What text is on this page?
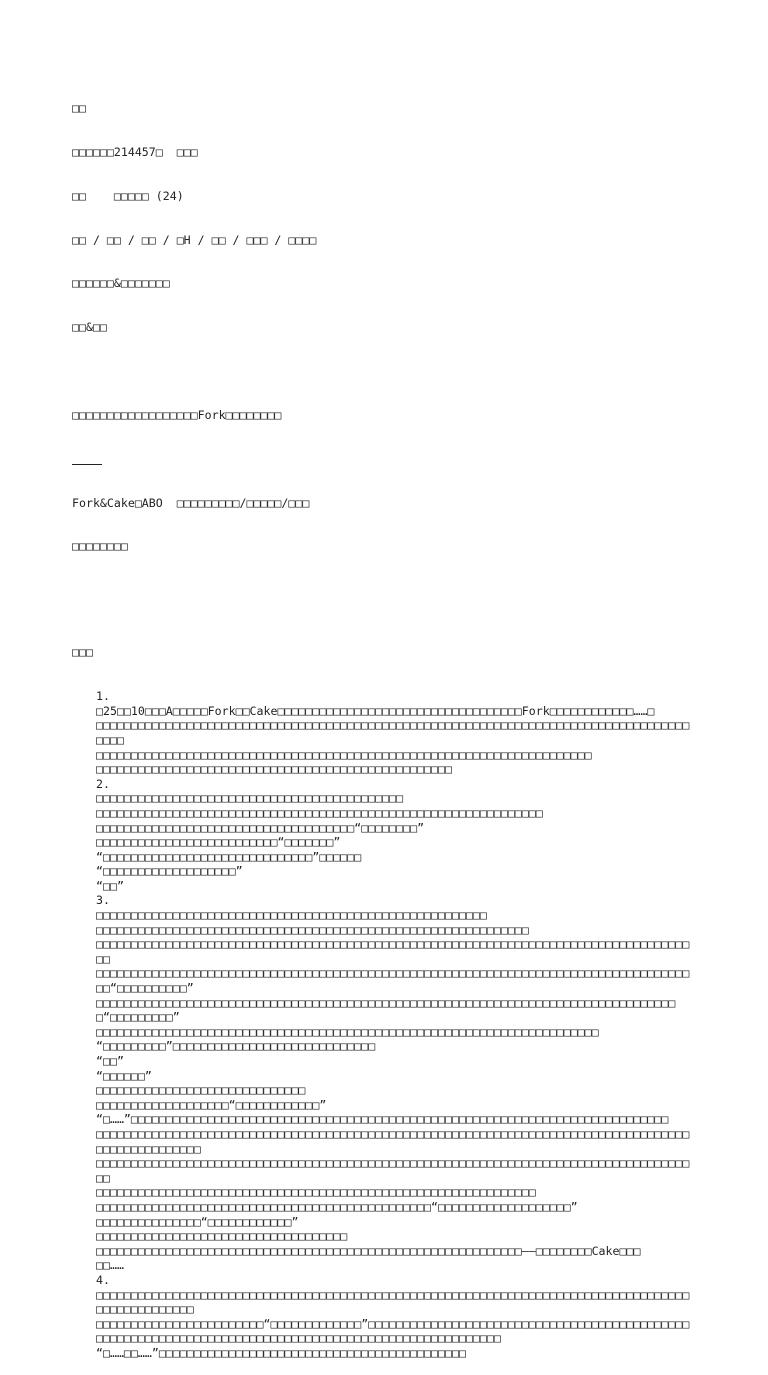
□□

□□□□□□214457□  □□□

□□    □□□□□ (24)

□□ / □□ / □□ / □H / □□ / □□□ / □□□□

□□□□□□&□□□□□□□

□□&□□

□□□□□□□□□□□□□□□□□□Fork□□□□□□□□

Fork&Cake□ABO  □□□□□□□□□/□□□□□/□□□

□□□□□□□□

□□□

1.
□25□□10□□□A□□□□□Fork□□Cake□□□□□□□□□□□□□□□□□□□□□□□□□□□□□□□□□□□Fork□□□□□□□□□□□□……□
□□□□□□□□□□□□□□□□□□□□□□□□□□□□□□□□□□□□□□□□□□□□□□□□□□□□□□□□□□□□□□□□□□□□□□□□□□□□□□□□□□□□□□□□□
□□□□□□□□□□□□□□□□□□□□□□□□□□□□□□□□□□□□□□□□□□□□□□□□□□□□□□□□□□□□□□□□□□□□□□□
□□□□□□□□□□□□□□□□□□□□□□□□□□□□□□□□□□□□□□□□□□□□□□□□□□□
2.
□□□□□□□□□□□□□□□□□□□□□□□□□□□□□□□□□□□□□□□□□□□□
□□□□□□□□□□□□□□□□□□□□□□□□□□□□□□□□□□□□□□□□□□□□□□□□□□□□□□□□□□□□□□□□
□□□□□□□□□□□□□□□□□□□□□□□□□□□□□□□□□□□□□“□□□□□□□□”
□□□□□□□□□□□□□□□□□□□□□□□□□□“□□□□□□□”
“□□□□□□□□□□□□□□□□□□□□□□□□□□□□□□”□□□□□□
“□□□□□□□□□□□□□□□□□□□”
“□□”
3.
□□□□□□□□□□□□□□□□□□□□□□□□□□□□□□□□□□□□□□□□□□□□□□□□□□□□□□□□
□□□□□□□□□□□□□□□□□□□□□□□□□□□□□□□□□□□□□□□□□□□□□□□□□□□□□□□□□□□□□□
□□□□□□□□□□□□□□□□□□□□□□□□□□□□□□□□□□□□□□□□□□□□□□□□□□□□□□□□□□□□□□□□□□□□□□□□□□□□□□□□□□□□□□□
□□□□□□□□□□□□□□□□□□□□□□□□□□□□□□□□□□□□□□□□□□□□□□□□□□□□□□□□□□□□□□□□□□□□□□□□□□□□□□□□□□□□□□□“□□□□□□□□□□”
□□□□□□□□□□□□□□□□□□□□□□□□□□□□□□□□□□□□□□□□□□□□□□□□□□□□□□□□□□□□□□□□□□□□□□□□□□□□□□□□□□□□“□□□□□□□□□”
□□□□□□□□□□□□□□□□□□□□□□□□□□□□□□□□□□□□□□□□□□□□□□□□□□□□□□□□□□□□□□□□□□□□□□□□
“□□□□□□□□□”□□□□□□□□□□□□□□□□□□□□□□□□□□□□□
“□□”
“□□□□□□”
□□□□□□□□□□□□□□□□□□□□□□□□□□□□□□
□□□□□□□□□□□□□□□□□□□“□□□□□□□□□□□□”
“□……”□□□□□□□□□□□□□□□□□□□□□□□□□□□□□□□□□□□□□□□□□□□□□□□□□□□□□□□□□□□□□□□□□□□□□□□□□□□□□
□□□□□□□□□□□□□□□□□□□□□□□□□□□□□□□□□□□□□□□□□□□□□□□□□□□□□□□□□□□□□□□□□□□□□□□□□□□□□□□□□□□□□□□□□□□□□□□□□□□□
□□□□□□□□□□□□□□□□□□□□□□□□□□□□□□□□□□□□□□□□□□□□□□□□□□□□□□□□□□□□□□□□□□□□□□□□□□□□□□□□□□□□□□□
□□□□□□□□□□□□□□□□□□□□□□□□□□□□□□□□□□□□□□□□□□□□□□□□□□□□□□□□□□□□□□□
□□□□□□□□□□□□□□□□□□□□□□□□□□□□□□□□□□□□□□□□□□□□□□□□“□□□□□□□□□□□□□□□□□□□”
□□□□□□□□□□□□□□□“□□□□□□□□□□□□”
□□□□□□□□□□□□□□□□□□□□□□□□□□□□□□□□□□□□
□□□□□□□□□□□□□□□□□□□□□□□□□□□□□□□□□□□□□□□□□□□□□□□□□□□□□□□□□□□□□——□□□□□□□□Cake□□□
□□……
4.
□□□□□□□□□□□□□□□□□□□□□□□□□□□□□□□□□□□□□□□□□□□□□□□□□□□□□□□□□□□□□□□□□□□□□□□□□□□□□□□□□□□□□□□□□□□□□□□□□□□
□□□□□□□□□□□□□□□□□□□□□□□□“□□□□□□□□□□□□□”□□□□□□□□□□□□□□□□□□□□□□□□□□□□□□□□□□□□□□□□□□□□□□
□□□□□□□□□□□□□□□□□□□□□□□□□□□□□□□□□□□□□□□□□□□□□□□□□□□□□□□□□□
“□……□□……”□□□□□□□□□□□□□□□□□□□□□□□□□□□□□□□□□□□□□□□□□□□□
